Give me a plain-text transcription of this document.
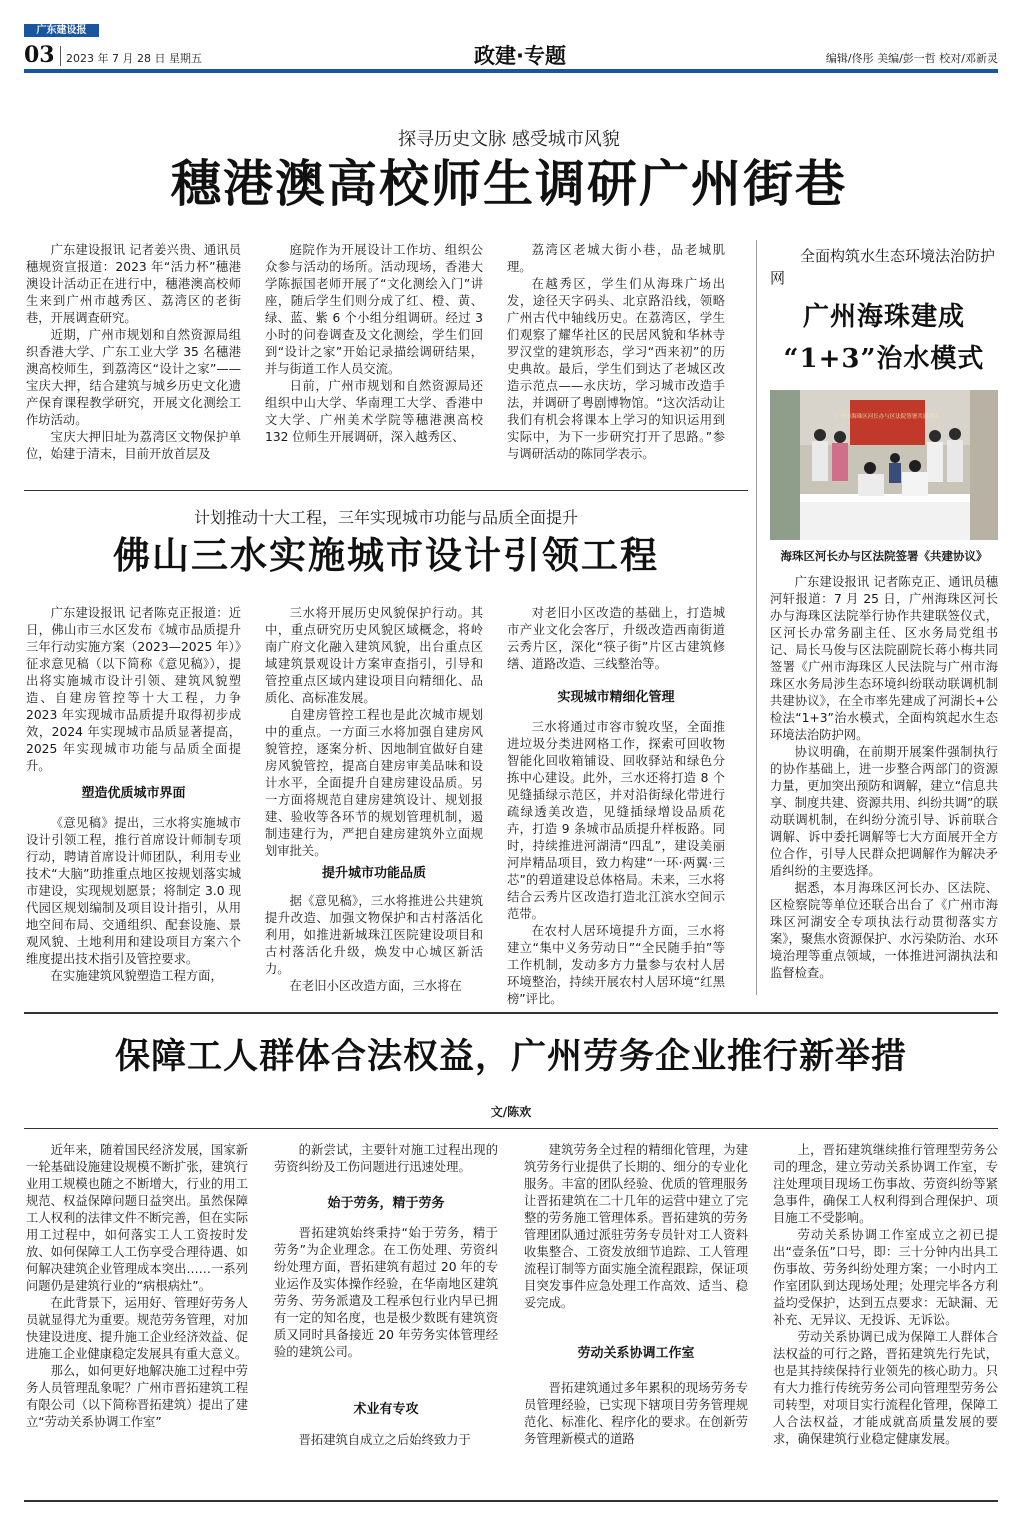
广东建设报
03 2023 年 7 月 28 日 星期五	政建·专题	编辑/佟彤 美编/彭一哲 校对/邓新灵
探寻历史文脉 感受城市风貌
穗港澳高校师生调研广州街巷

广东建设报讯 记者姜兴贵、通讯员穗规资宣报道：2023 年“活力杯”穗港澳设计活动正在进行中，穗港澳高校师生来到广州市越秀区、荔湾区的老街巷，开展调查研究。

近期，广州市规划和自然资源局组织香港大学、广东工业大学 35 名穗港澳高校师生，到荔湾区“设计之家”——宝庆大押，结合建筑与城乡历史文化遗产保育课程教学研究，开展文化测绘工作坊活动。

宝庆大押旧址为荔湾区文物保护单位，始建于清末，目前开放首层及

庭院作为开展设计工作坊、组织公众参与活动的场所。活动现场，香港大学陈振国老师开展了“文化测绘入门”讲座，随后学生们则分成了红、橙、黄、绿、蓝、紫 6 个小组分组调研。经过 3 小时的问卷调查及文化测绘，学生们回到“设计之家”开始记录描绘调研结果，并与街道工作人员交流。

日前，广州市规划和自然资源局还组织中山大学、华南理工大学、香港中文大学、广州美术学院等穗港澳高校 132 位师生开展调研，深入越秀区、

荔湾区老城大街小巷，品老城肌理。

在越秀区，学生们从海珠广场出发，途径天字码头、北京路沿线，领略广州古代中轴线历史。在荔湾区，学生们观察了耀华社区的民居风貌和华林寺罗汉堂的建筑形态，学习“西来初”的历史典故。最后，学生们到达了老城区改造示范点——永庆坊，学习城市改造手法，并调研了粤剧博物馆。“这次活动让我们有机会将课本上学习的知识运用到实际中，为下一步研究打开了思路。”参与调研活动的陈同学表示。

计划推动十大工程，三年实现城市功能与品质全面提升
佛山三水实施城市设计引领工程

广东建设报讯 记者陈克正报道：近日，佛山市三水区发布《城市品质提升三年行动实施方案（2023—2025 年）》征求意见稿（以下简称《意见稿》），提出将实施城市设计引领、建筑风貌塑造、自建房管控等十大工程，力争 2023 年实现城市品质提升取得初步成效，2024 年实现城市品质显著提高，2025 年实现城市功能与品质全面提升。

塑造优质城市界面

《意见稿》提出，三水将实施城市设计引领工程，推行首席设计师制专项行动，聘请首席设计师团队，利用专业技术“大脑”助推重点地区按规划落实城市建设，实现规划愿景；将制定 3.0 现代园区规划编制及项目设计指引，从用地空间布局、交通组织、配套设施、景观风貌、土地利用和建设项目方案六个维度提出技术指引及管控要求。

在实施建筑风貌塑造工程方面，

三水将开展历史风貌保护行动。其中，重点研究历史风貌区域概念，将岭南广府文化融入建筑风貌，出台重点区域建筑景观设计方案审查指引，引导和管控重点区域内建设项目向精细化、品质化、高标准发展。

自建房管控工程也是此次城市规划中的重点。一方面三水将加强自建房风貌管控，逐案分析、因地制宜做好自建房风貌管控，提高自建房审美品味和设计水平，全面提升自建房建设品质。另一方面将规范自建房建筑设计、规划报建、验收等各环节的规划管理机制，遏制违建行为，严把自建房建筑外立面规划审批关。

提升城市功能品质

据《意见稿》，三水将推进公共建筑提升改造、加强文物保护和古村落活化利用，如推进新城珠江医院建设项目和古村落活化升级，焕发中心城区新活力。

在老旧小区改造方面，三水将在

对老旧小区改造的基础上，打造城市产业文化会客厅，升级改造西南街道云秀片区，深化“筷子街”片区古建筑修缮、道路改造、三线整治等。

实现城市精细化管理

三水将通过市容市貌攻坚，全面推进垃圾分类进网格工作，探索可回收物智能化回收箱铺设、回收驿站和绿色分拣中心建设。此外，三水还将打造 8 个见缝插绿示范区，并对沿街绿化带进行疏绿透美改造，见缝插绿增设品质花卉，打造 9 条城市品质提升样板路。同时，持续推进河湖清“四乱”，建设美丽河岸精品项目，致力构建“一环·两翼·三芯”的碧道建设总体格局。未来，三水将结合云秀片区改造打造北江滨水空间示范带。

在农村人居环境提升方面，三水将建立“集中义务劳动日”“全民随手拍”等工作机制，发动多方力量参与农村人居环境整治，持续开展农村人居环境“红黑榜”评比。

全面构筑水生态环境法治防护网
广州海珠建成
“1+3”治水模式
广州市海珠区河长办与区法院签署共建协议
海珠区河长办与区法院签署《共建协议》

广东建设报讯 记者陈克正、通讯员穗河轩报道：7 月 25 日，广州海珠区河长办与海珠区法院举行协作共建联签仪式，区河长办常务副主任、区水务局党组书记、局长马俊与区法院副院长蒋小梅共同签署《广州市海珠区人民法院与广州市海珠区水务局涉生态环境纠纷联动联调机制共建协议》，在全市率先建成了河湖长+公检法“1+3”治水模式，全面构筑起水生态环境法治防护网。

协议明确，在前期开展案件强制执行的协作基础上，进一步整合两部门的资源力量，更加突出预防和调解，建立“信息共享、制度共建、资源共用、纠纷共调”的联动联调机制，在纠纷分流引导、诉前联合调解、诉中委托调解等七大方面展开全方位合作，引导人民群众把调解作为解决矛盾纠纷的主要选择。

据悉，本月海珠区河长办、区法院、区检察院等单位还联合出台了《广州市海珠区河湖安全专项执法行动贯彻落实方案》，聚焦水资源保护、水污染防治、水环境治理等重点领域，一体推进河湖执法和监督检查。

保障工人群体合法权益，广州劳务企业推行新举措
文/陈欢

近年来，随着国民经济发展，国家新一轮基础设施建设规模不断扩张，建筑行业用工规模也随之不断增大，行业的用工规范、权益保障问题日益突出。虽然保障工人权利的法律文件不断完善，但在实际用工过程中，如何落实工人工资按时发放、如何保障工人工伤享受合理待遇、如何解决建筑企业管理成本突出……一系列问题仍是建筑行业的“病根病灶”。

在此背景下，运用好、管理好劳务人员就显得尤为重要。规范劳务管理，对加快建设进度、提升施工企业经济效益、促进施工企业健康稳定发展具有重大意义。

那么，如何更好地解决施工过程中劳务人员管理乱象呢？广州市晋拓建筑工程有限公司（以下简称晋拓建筑）提出了建立“劳动关系协调工作室”

的新尝试，主要针对施工过程出现的劳资纠纷及工伤问题进行迅速处理。

始于劳务，精于劳务

晋拓建筑始终秉持“始于劳务，精于劳务”为企业理念。在工伤处理、劳资纠纷处理方面，晋拓建筑有超过 20 年的专业运作及实体操作经验，在华南地区建筑劳务、劳务派遣及工程承包行业内早已拥有一定的知名度，也是极少数既有建筑资质又同时具备接近 20 年劳务实体管理经验的建筑公司。

术业有专攻

晋拓建筑自成立之后始终致力于

建筑劳务全过程的精细化管理，为建筑劳务行业提供了长期的、细分的专业化服务。丰富的团队经验、优质的管理服务让晋拓建筑在二十几年的运营中建立了完整的劳务施工管理体系。晋拓建筑的劳务管理团队通过派驻劳务专员针对工人资料收集整合、工资发放细节追踪、工人管理流程订制等方面实施全流程跟踪，保证项目突发事件应急处理工作高效、适当、稳妥完成。

劳动关系协调工作室

晋拓建筑通过多年累积的现场劳务专员管理经验，已实现下辖项目劳务管理规范化、标准化、程序化的要求。在创新劳务管理新模式的道路

上，晋拓建筑继续推行管理型劳务公司的理念，建立劳动关系协调工作室，专注处理项目现场工伤事故、劳资纠纷等紧急事件，确保工人权利得到合理保护、项目施工不受影响。

劳动关系协调工作室成立之初已提出“壹条伍”口号，即：三十分钟内出具工伤事故、劳务纠纷处理方案；一小时内工作室团队到达现场处理；处理完毕各方利益均受保护，达到五点要求：无缺漏、无补充、无异议、无投诉、无诉讼。

劳动关系协调已成为保障工人群体合法权益的可行之路，晋拓建筑先行先试，也是其持续保持行业领先的核心助力。只有大力推行传统劳务公司向管理型劳务公司转型，对项目实行流程化管理，保障工人合法权益，才能成就高质量发展的要求，确保建筑行业稳定健康发展。
